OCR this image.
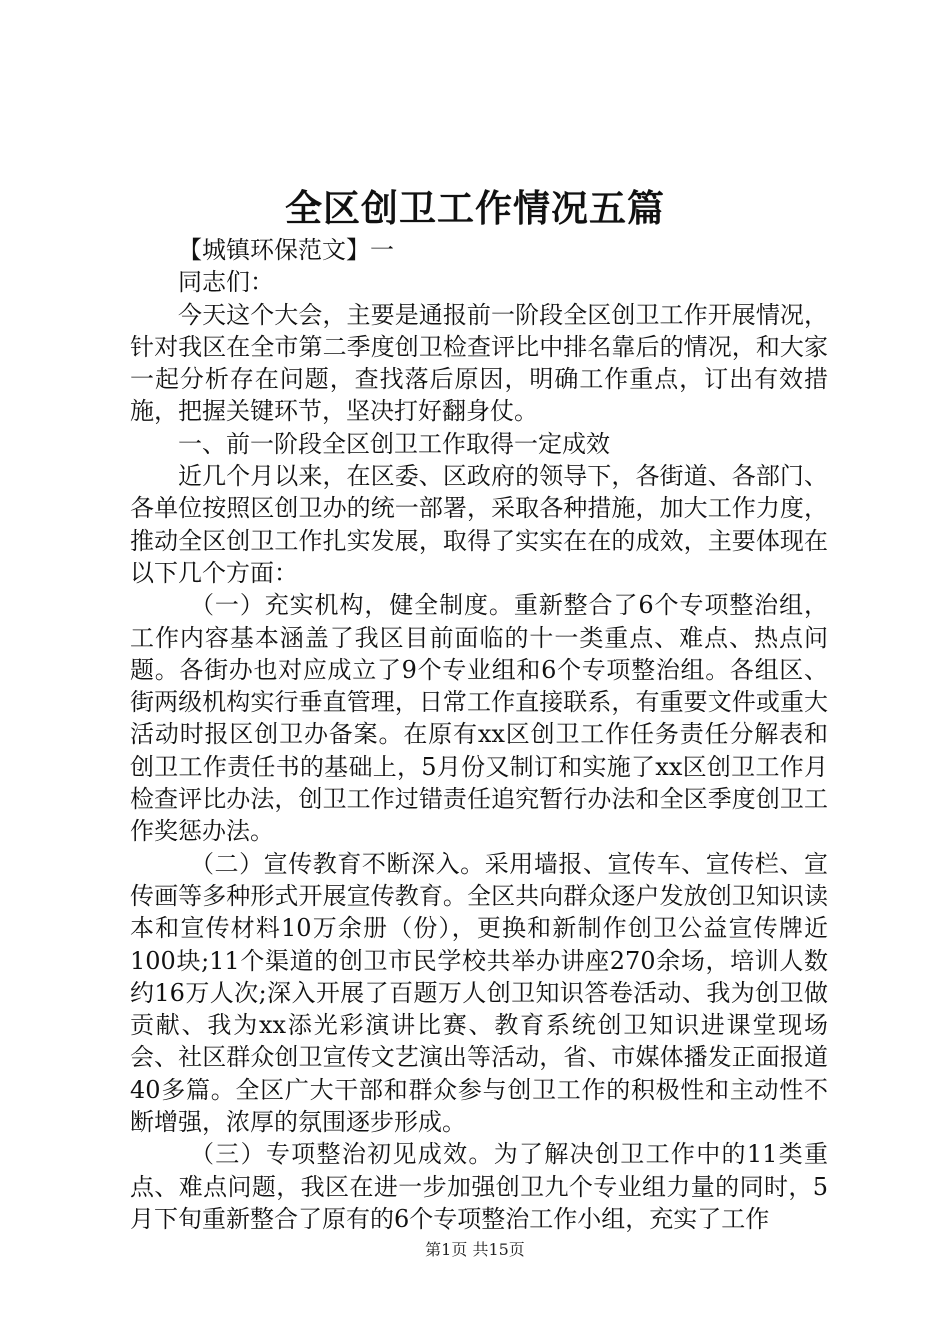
全区创卫工作情况五篇

【城镇环保范文】一

同志们：

今天这个大会，主要是通报前一阶段全区创卫工作开展情况，针对我区在全市第二季度创卫检查评比中排名靠后的情况，和大家一起分析存在问题，查找落后原因，明确工作重点，订出有效措施，把握关键环节，坚决打好翻身仗。

一、前一阶段全区创卫工作取得一定成效

近几个月以来，在区委、区政府的领导下，各街道、各部门、各单位按照区创卫办的统一部署，采取各种措施，加大工作力度，推动全区创卫工作扎实发展，取得了实实在在的成效，主要体现在以下几个方面：

（一）充实机构，健全制度。重新整合了6个专项整治组，工作内容基本涵盖了我区目前面临的十一类重点、难点、热点问题。各街办也对应成立了9个专业组和6个专项整治组。各组区、街两级机构实行垂直管理，日常工作直接联系，有重要文件或重大活动时报区创卫办备案。在原有xx区创卫工作任务责任分解表和创卫工作责任书的基础上，5月份又制订和实施了xx区创卫工作月检查评比办法，创卫工作过错责任追究暂行办法和全区季度创卫工作奖惩办法。

（二）宣传教育不断深入。采用墙报、宣传车、宣传栏、宣传画等多种形式开展宣传教育。全区共向群众逐户发放创卫知识读本和宣传材料10万余册（份），更换和新制作创卫公益宣传牌近100块;11个渠道的创卫市民学校共举办讲座270余场，培训人数约16万人次;深入开展了百题万人创卫知识答卷活动、我为创卫做贡献、我为xx添光彩演讲比赛、教育系统创卫知识进课堂现场会、社区群众创卫宣传文艺演出等活动，省、市媒体播发正面报道40多篇。全区广大干部和群众参与创卫工作的积极性和主动性不断增强，浓厚的氛围逐步形成。

（三）专项整治初见成效。为了解决创卫工作中的11类重点、难点问题，我区在进一步加强创卫九个专业组力量的同时，5月下旬重新整合了原有的6个专项整治工作小组，充实了工作

第1页 共15页
